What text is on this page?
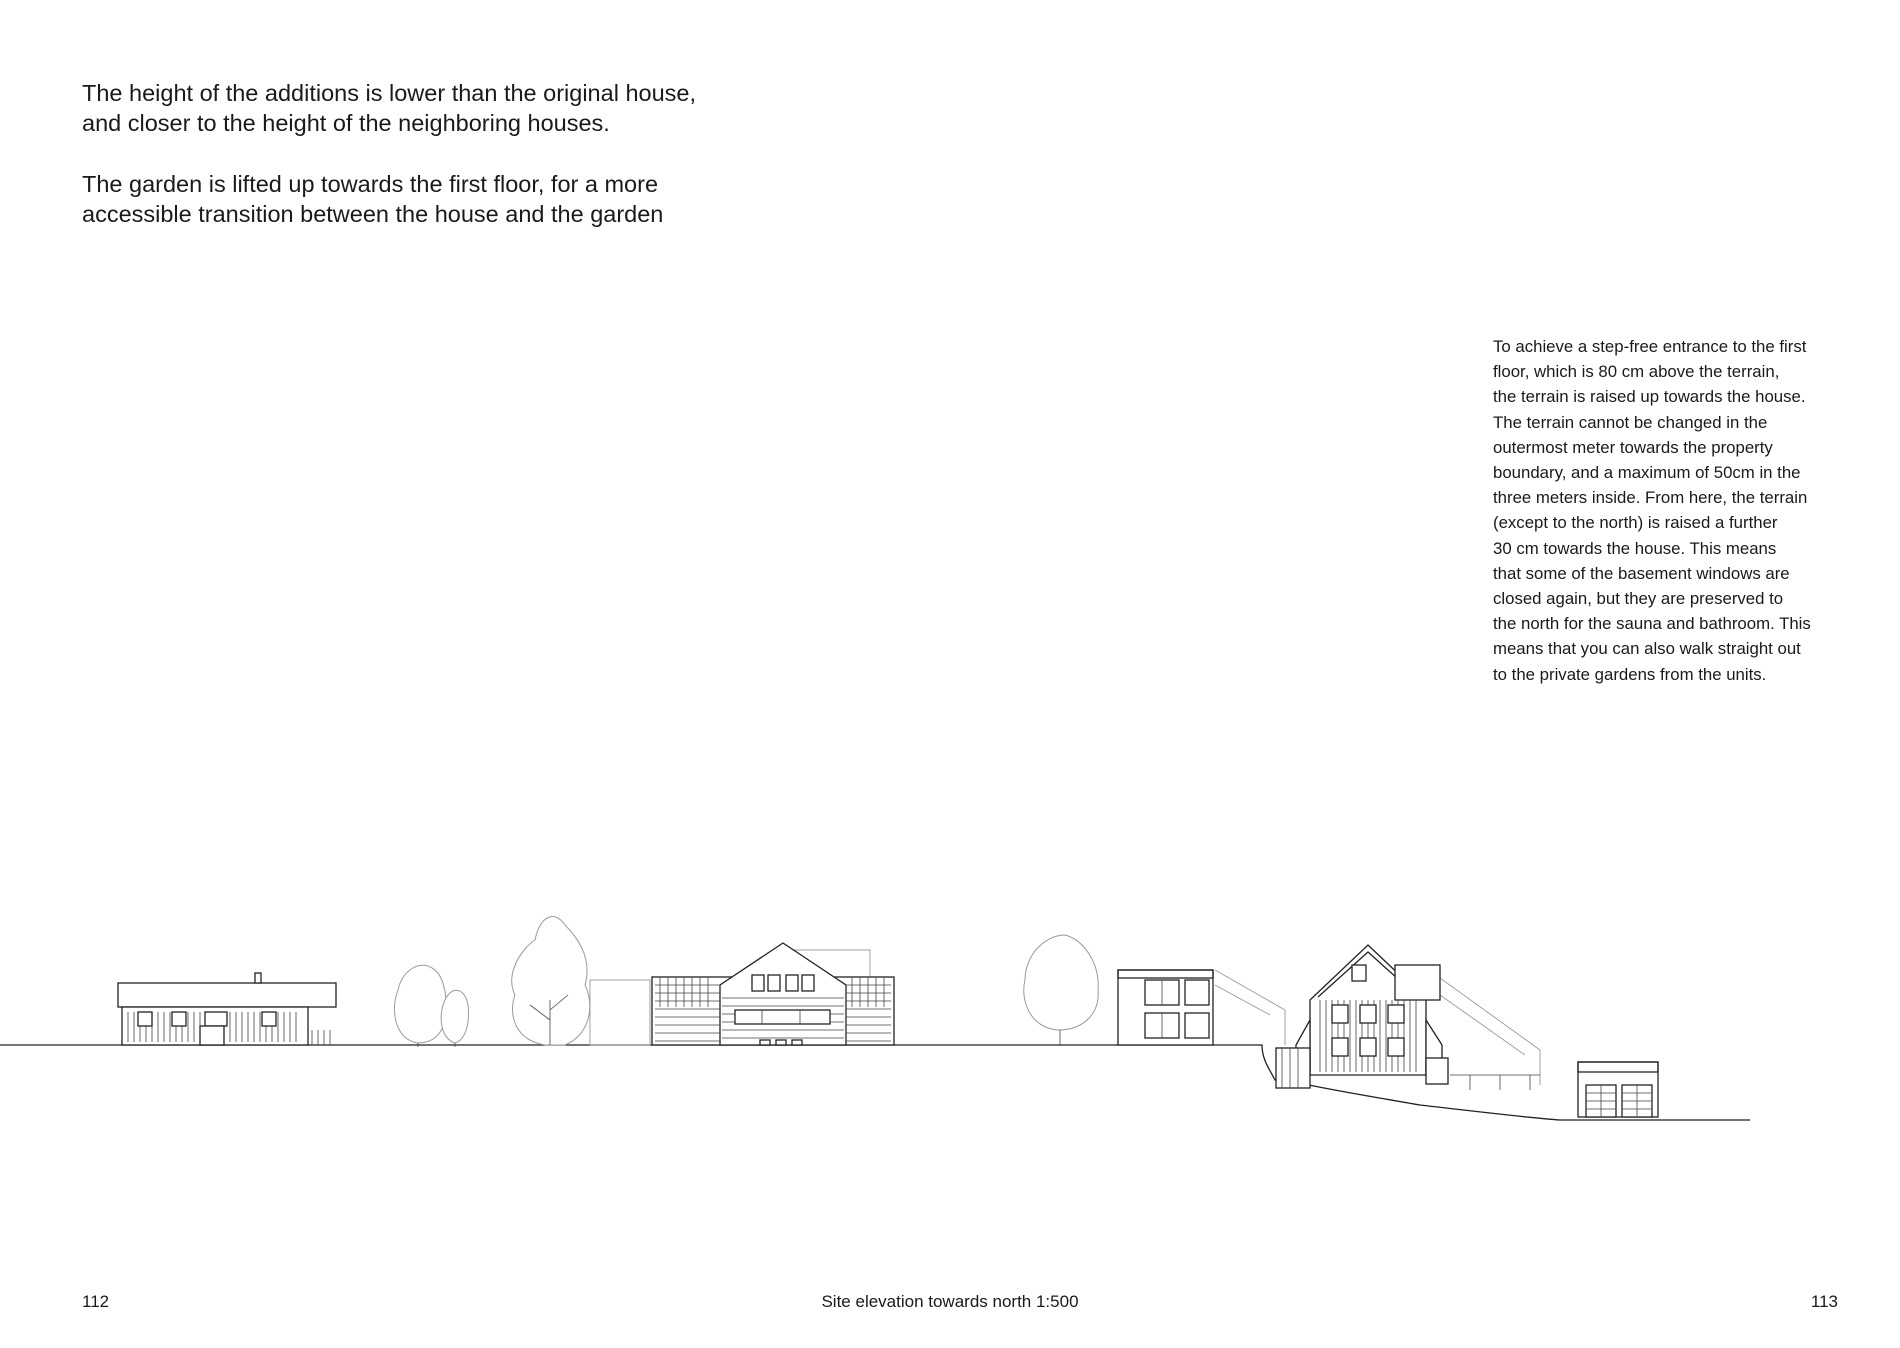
The height of the additions is lower than the original house, and closer to the height of the neighboring houses.

The garden is lifted up towards the first floor, for a more accessible transition between the house and the garden

To achieve a step-free entrance to the first
floor, which is 80 cm above the terrain,
the terrain is raised up towards the house.
The terrain cannot be changed in the
outermost meter towards the property
boundary, and a maximum of 50cm in the
three meters inside. From here, the terrain
(except to the north) is raised a further
30 cm towards the house. This means
that some of the basement windows are
closed again, but they are preserved to
the north for the sauna and bathroom. This
means that you can also walk straight out
to the private gardens from the units.
112	Site elevation towards north 1:500	113
